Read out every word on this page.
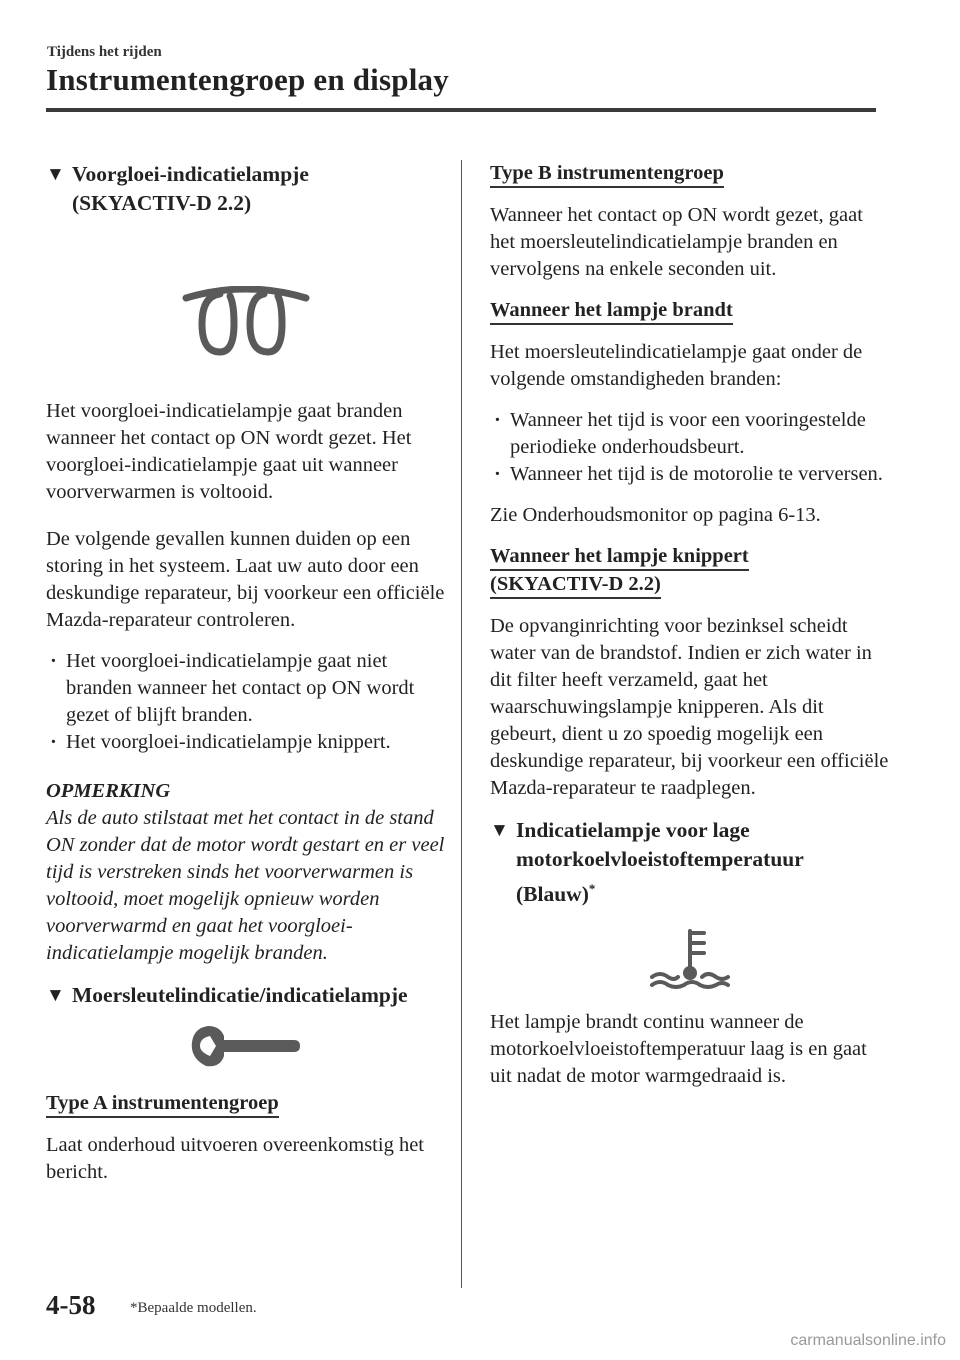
Tijdens het rijden
Instrumentengroep en display
▼ Voorgloei-indicatielampje
(SKYACTIV-D 2.2)

Het voorgloei-indicatielampje gaat branden wanneer het contact op ON wordt gezet. Het voorgloei-indicatielampje gaat uit wanneer voorverwarmen is voltooid.

De volgende gevallen kunnen duiden op een storing in het systeem. Laat uw auto door een deskundige reparateur, bij voorkeur een officiële Mazda-reparateur controleren.

· Het voorgloei-indicatielampje gaat niet branden wanneer het contact op ON wordt gezet of blijft branden.
· Het voorgloei-indicatielampje knippert.

OPMERKING

Als de auto stilstaat met het contact in de stand ON zonder dat de motor wordt gestart en er veel tijd is verstreken sinds het voorverwarmen is voltooid, moet mogelijk opnieuw worden voorverwarmd en gaat het voorgloei-indicatielampje mogelijk branden.

▼ Moersleutelindicatie/indicatielampje
Type A instrumentengroep

Laat onderhoud uitvoeren overeenkomstig het bericht.

Type B instrumentengroep

Wanneer het contact op ON wordt gezet, gaat het moersleutelindicatielampje branden en vervolgens na enkele seconden uit.

Wanneer het lampje brandt

Het moersleutelindicatielampje gaat onder de volgende omstandigheden branden:

· Wanneer het tijd is voor een vooringestelde periodieke onderhoudsbeurt.
· Wanneer het tijd is de motorolie te verversen.

Zie Onderhoudsmonitor op pagina 6-13.

Wanneer het lampje knippert
(SKYACTIV-D 2.2)

De opvanginrichting voor bezinksel scheidt water van de brandstof. Indien er zich water in dit filter heeft verzameld, gaat het waarschuwingslampje knipperen. Als dit gebeurt, dient u zo spoedig mogelijk een deskundige reparateur, bij voorkeur een officiële Mazda-reparateur te raadplegen.

▼ Indicatielampje voor lage
motorkoelvloeistoftemperatuur
(Blauw)*

Het lampje brandt continu wanneer de motorkoelvloeistoftemperatuur laag is en gaat uit nadat de motor warmgedraaid is.

4-58 *Bepaalde modellen.
carmanualsonline.info
